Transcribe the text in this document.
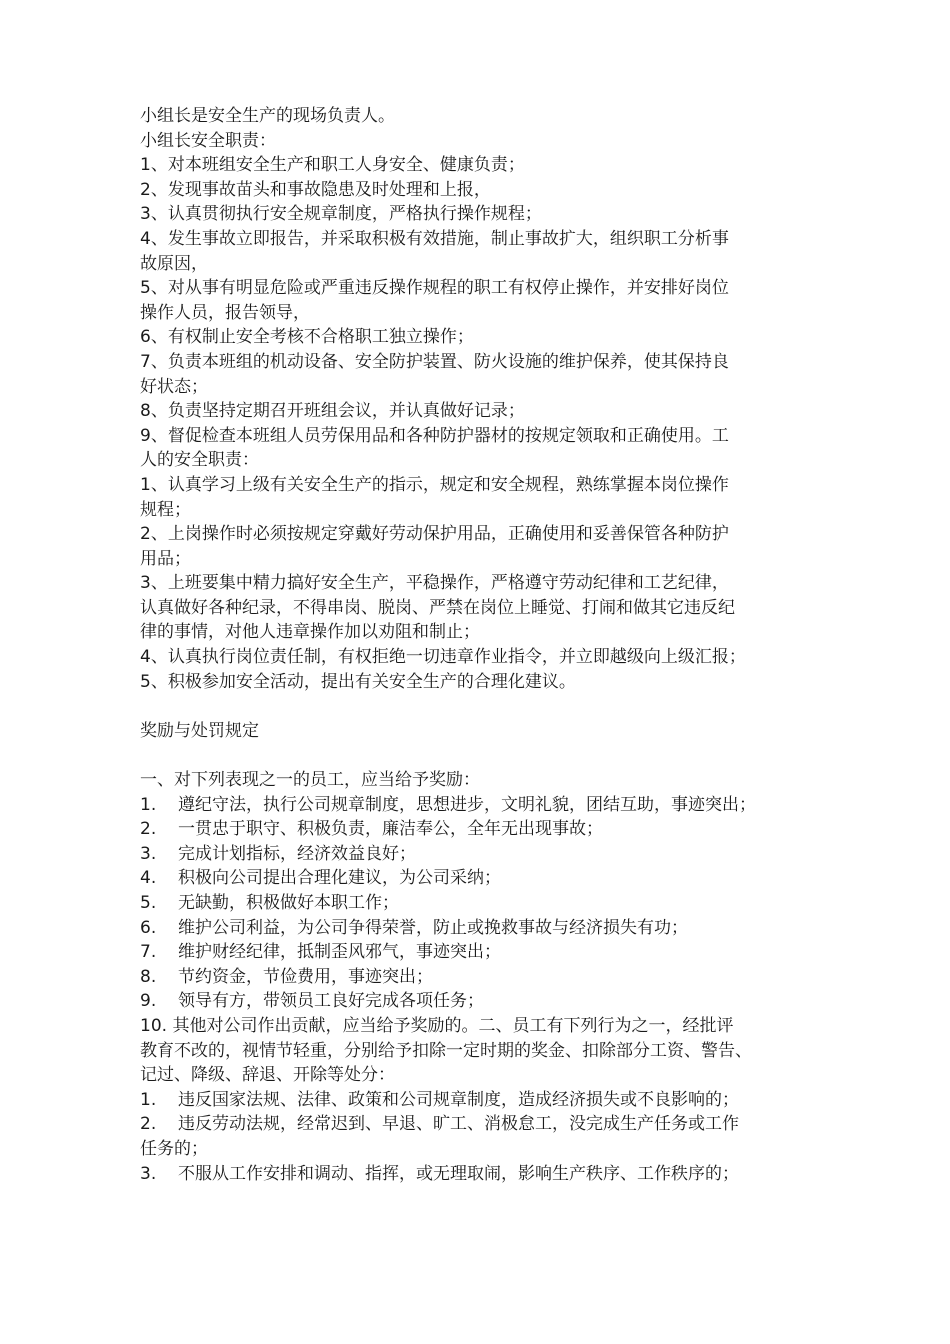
小组长是安全生产的现场负责人。
小组长安全职责：
1、对本班组安全生产和职工人身安全、健康负责；
2、发现事故苗头和事故隐患及时处理和上报，
3、认真贯彻执行安全规章制度，严格执行操作规程；
4、发生事故立即报告，并采取积极有效措施，制止事故扩大，组织职工分析事
故原因，
5、对从事有明显危险或严重违反操作规程的职工有权停止操作，并安排好岗位
操作人员，报告领导，
6、有权制止安全考核不合格职工独立操作；
7、负责本班组的机动设备、安全防护装置、防火设施的维护保养，使其保持良
好状态；
8、负责坚持定期召开班组会议，并认真做好记录；
9、督促检查本班组人员劳保用品和各种防护器材的按规定领取和正确使用。工
人的安全职责：
1、认真学习上级有关安全生产的指示，规定和安全规程，熟练掌握本岗位操作
规程；
2、上岗操作时必须按规定穿戴好劳动保护用品，正确使用和妥善保管各种防护
用品；
3、上班要集中精力搞好安全生产，平稳操作，严格遵守劳动纪律和工艺纪律，
认真做好各种纪录，不得串岗、脱岗、严禁在岗位上睡觉、打闹和做其它违反纪
律的事情，对他人违章操作加以劝阻和制止；
4、认真执行岗位责任制，有权拒绝一切违章作业指令，并立即越级向上级汇报；
5、积极参加安全活动，提出有关安全生产的合理化建议。
奖励与处罚规定
一、对下列表现之一的员工，应当给予奖励：
1. 遵纪守法，执行公司规章制度，思想进步，文明礼貌，团结互助，事迹突出；
2. 一贯忠于职守、积极负责，廉洁奉公，全年无出现事故；
3. 完成计划指标，经济效益良好；
4. 积极向公司提出合理化建议，为公司采纳；
5. 无缺勤，积极做好本职工作；
6. 维护公司利益，为公司争得荣誉，防止或挽救事故与经济损失有功；
7. 维护财经纪律，抵制歪风邪气，事迹突出；
8. 节约资金，节俭费用，事迹突出；
9. 领导有方，带领员工良好完成各项任务；
10. 其他对公司作出贡献，应当给予奖励的。二、员工有下列行为之一，经批评
教育不改的，视情节轻重，分别给予扣除一定时期的奖金、扣除部分工资、警告、
记过、降级、辞退、开除等处分：
1. 违反国家法规、法律、政策和公司规章制度，造成经济损失或不良影响的；
2. 违反劳动法规，经常迟到、早退、旷工、消极怠工，没完成生产任务或工作
任务的；
3. 不服从工作安排和调动、指挥，或无理取闹，影响生产秩序、工作秩序的；
